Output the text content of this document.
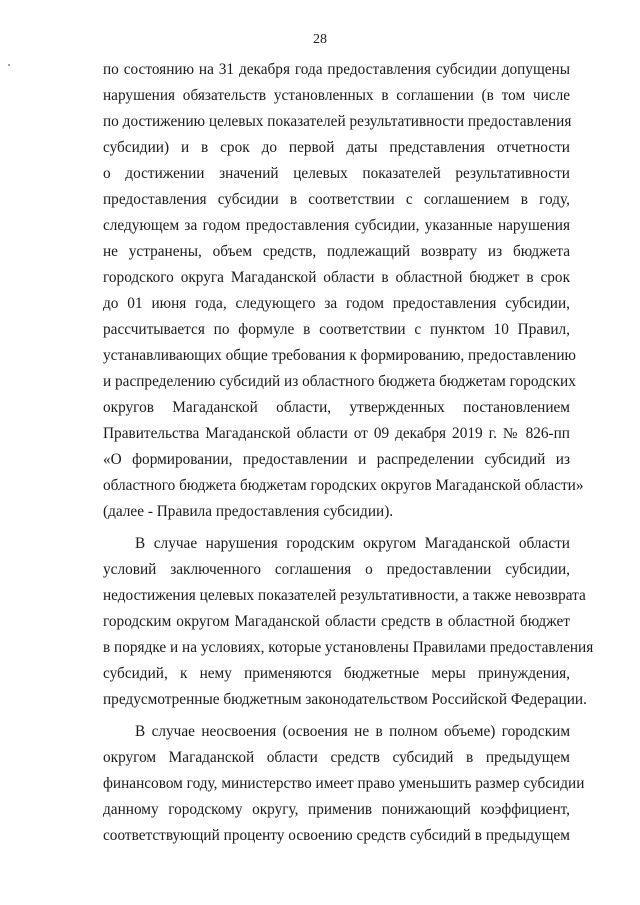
28
по состоянию на 31 декабря года предоставления субсидии допущены
нарушения обязательств установленных в соглашении (в том числе
по достижению целевых показателей результативности предоставления
субсидии) и в срок до первой даты представления отчетности
о достижении значений целевых показателей результативности
предоставления субсидии в соответствии с соглашением в году,
следующем за годом предоставления субсидии, указанные нарушения
не устранены, объем средств, подлежащий возврату из бюджета
городского округа Магаданской области в областной бюджет в срок
до 01 июня года, следующего за годом предоставления субсидии,
рассчитывается по формуле в соответствии с пунктом 10 Правил,
устанавливающих общие требования к формированию, предоставлению
и распределению субсидий из областного бюджета бюджетам городских
округов Магаданской области, утвержденных постановлением
Правительства Магаданской области от 09 декабря 2019 г. № 826-пп
«О формировании, предоставлении и распределении субсидий из
областного бюджета бюджетам городских округов Магаданской области»
(далее - Правила предоставления субсидии).
В случае нарушения городским округом Магаданской области
условий заключенного соглашения о предоставлении субсидии,
недостижения целевых показателей результативности, а также невозврата
городским округом Магаданской области средств в областной бюджет
в порядке и на условиях, которые установлены Правилами предоставления
субсидий, к нему применяются бюджетные меры принуждения,
предусмотренные бюджетным законодательством Российской Федерации.
В случае неосвоения (освоения не в полном объеме) городским
округом Магаданской области средств субсидий в предыдущем
финансовом году, министерство имеет право уменьшить размер субсидии
данному городскому округу, применив понижающий коэффициент,
соответствующий проценту освоению средств субсидий в предыдущем
